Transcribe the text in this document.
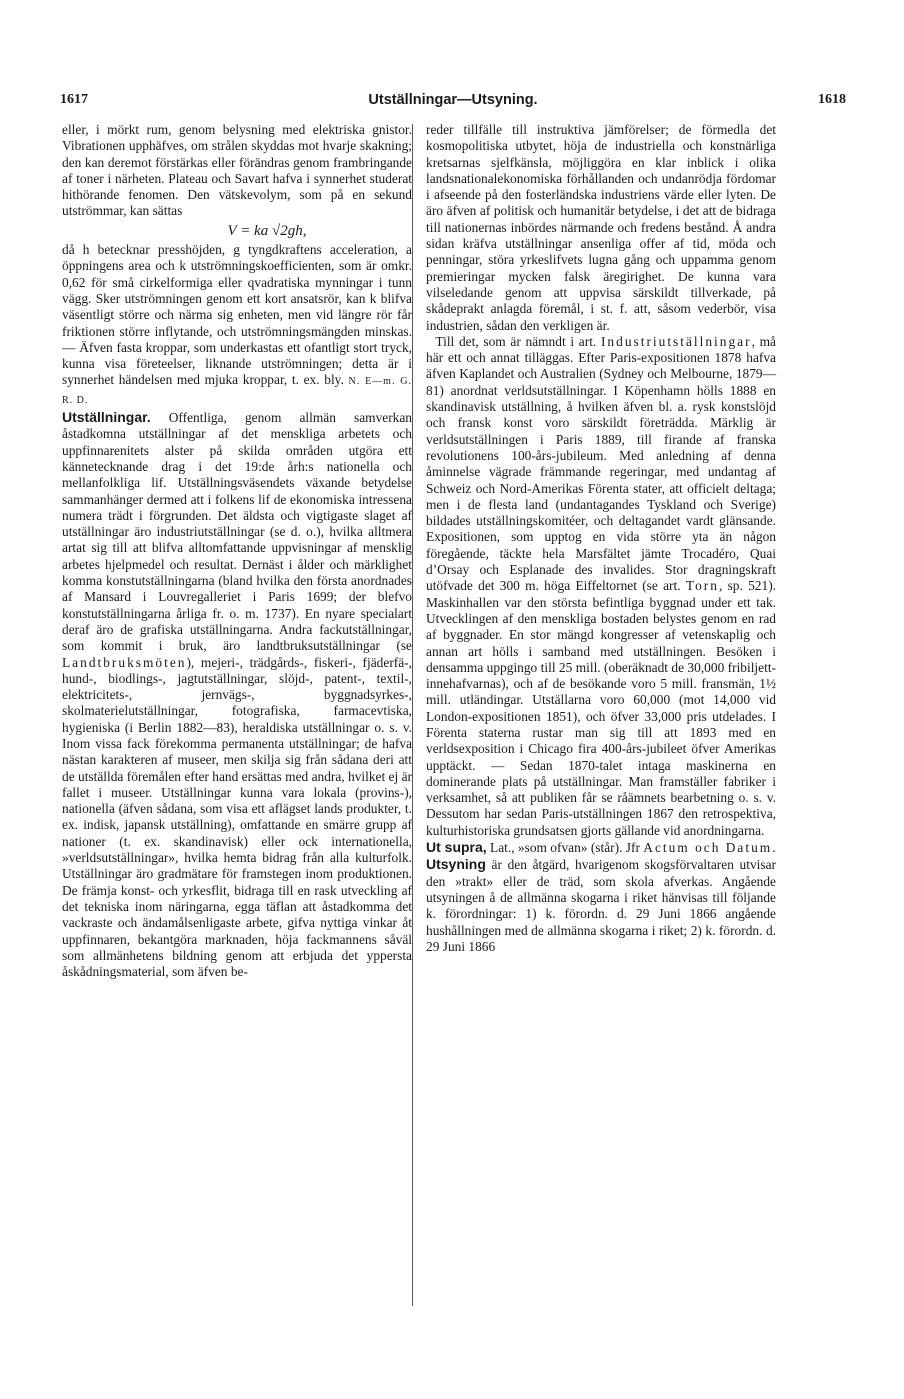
1617	Utställningar—Utsyning.	1618

eller, i mörkt rum, genom belysning med elektriska gnistor. Vibrationen upphäfves, om strålen skyddas mot hvarje skakning; den kan deremot förstärkas eller förändras genom frambringande af toner i närheten. Plateau och Savart hafva i synnerhet studerat hithörande fenomen. Den vätskevolym, som på en sekund utströmmar, kan sättas

V = ka √2gh,

då h betecknar presshöjden, g tyngdkraftens acceleration, a öppningens area och k utströmningskoefficienten, som är omkr. 0,62 för små cirkelformiga eller qvadratiska mynningar i tunn vägg. Sker utströmningen genom ett kort ansatsrör, kan k blifva väsentligt större och närma sig enheten, men vid längre rör får friktionen större inflytande, och utströmningsmängden minskas. — Äfven fasta kroppar, som underkastas ett ofantligt stort tryck, kunna visa företeelser, liknande utströmningen; detta är i synnerhet händelsen med mjuka kroppar, t. ex. bly. N. E—m. G. R. D.

Utställningar. Offentliga, genom allmän samverkan åstadkomna utställningar af det menskliga arbetets och uppfinnarenitets alster på skilda områden utgöra ett kännetecknande drag i det 19:de årh:s nationella och mellanfolkliga lif. Utställningsväsendets växande betydelse sammanhänger dermed att i folkens lif de ekonomiska intressena numera trädt i förgrunden. Det äldsta och vigtigaste slaget af utställningar äro industriutställningar (se d. o.), hvilka alltmera artat sig till att blifva alltomfattande uppvisningar af mensklig arbetes hjelpmedel och resultat. Dernäst i ålder och märklighet komma konstutställningarna (bland hvilka den första anordnades af Mansard i Louvregalleriet i Paris 1699; der blefvo konstutställningarna årliga fr. o. m. 1737). En nyare specialart deraf äro de grafiska utställningarna. Andra fackutställningar, som kommit i bruk, äro landtbruksutställningar (se Landtbruksmöten), mejeri-, trädgårds-, fiskeri-, fjäderfä-, hund-, biodlings-, jagtutställningar, slöjd-, patent-, textil-, elektricitets-, jernvägs-, byggnadsyrkes-, skolmaterielutställningar, fotografiska, farmacevtiska, hygieniska (i Berlin 1882—83), heraldiska utställningar o. s. v. Inom vissa fack förekomma permanenta utställningar; de hafva nästan karakteren af museer, men skilja sig från sådana deri att de utställda föremålen efter hand ersättas med andra, hvilket ej är fallet i museer. Utställningar kunna vara lokala (provins-), nationella (äfven sådana, som visa ett aflägset lands produkter, t. ex. indisk, japansk utställning), omfattande en smärre grupp af nationer (t. ex. skandinavisk) eller ock internationella, »verldsutställningar», hvilka hemta bidrag från alla kulturfolk. Utställningar äro gradmätare för framstegen inom produktionen. De främja konst- och yrkesflit, bidraga till en rask utveckling af det tekniska inom näringarna, egga täflan att åstadkomma det vackraste och ändamålsenligaste arbete, gifva nyttiga vinkar åt uppfinnaren, bekantgöra marknaden, höja fackmannens såväl som allmänhetens bildning genom att erbjuda det yppersta åskådningsmaterial, som äfven be-

reder tillfälle till instruktiva jämförelser; de förmedla det kosmopolitiska utbytet, höja de industriella och konstnärliga kretsarnas sjelfkänsla, möjliggöra en klar inblick i olika landsnationalekonomiska förhållanden och undanrödja fördomar i afseende på den fosterländska industriens värde eller lyten. De äro äfven af politisk och humanitär betydelse, i det att de bidraga till nationernas inbördes närmande och fredens bestånd. Å andra sidan kräfva utställningar ansenliga offer af tid, möda och penningar, störa yrkeslifvets lugna gång och uppamma genom premieringar mycken falsk äregirighet. De kunna vara vilseledande genom att uppvisa särskildt tillverkade, på skådeprakt anlagda föremål, i st. f. att, såsom vederbör, visa industrien, sådan den verkligen är.

Till det, som är nämndt i art. Industriutställningar, må här ett och annat tilläggas. Efter Paris-expositionen 1878 hafva äfven Kaplandet och Australien (Sydney och Melbourne, 1879—81) anordnat verldsutställningar. I Köpenhamn hölls 1888 en skandinavisk utställning, å hvilken äfven bl. a. rysk konstslöjd och fransk konst voro särskildt företrädda. Märklig är verldsutställningen i Paris 1889, till firande af franska revolutionens 100-års-jubileum. Med anledning af denna åminnelse vägrade främmande regeringar, med undantag af Schweiz och Nord-Amerikas Förenta stater, att officielt deltaga; men i de flesta land (undantagandes Tyskland och Sverige) bildades utställningskomitéer, och deltagandet vardt glänsande. Expositionen, som upptog en vida större yta än någon föregående, täckte hela Marsfältet jämte Trocadéro, Quai d’Orsay och Esplanade des invalides. Stor dragningskraft utöfvade det 300 m. höga Eiffeltornet (se art. Torn, sp. 521). Maskinhallen var den största befintliga byggnad under ett tak. Utvecklingen af den menskliga bostaden belystes genom en rad af byggnader. En stor mängd kongresser af vetenskaplig och annan art hölls i samband med utställningen. Besöken i densamma uppgingo till 25 mill. (oberäknadt de 30,000 fribiljett-innehafvarnas), och af de besökande voro 5 mill. fransmän, 1½ mill. utländingar. Utställarna voro 60,000 (mot 14,000 vid London-expositionen 1851), och öfver 33,000 pris utdelades. I Förenta staterna rustar man sig till att 1893 med en verldsexposition i Chicago fira 400-års-jubileet öfver Amerikas upptäckt. — Sedan 1870-talet intaga maskinerna en dominerande plats på utställningar. Man framställer fabriker i verksamhet, så att publiken får se råämnets bearbetning o. s. v. Dessutom har sedan Paris-utställningen 1867 den retrospektiva, kulturhistoriska grundsatsen gjorts gällande vid anordningarna.

Ut supra, Lat., »som ofvan» (står). Jfr Actum och Datum.

Utsyning är den åtgärd, hvarigenom skogsförvaltaren utvisar den »trakt» eller de träd, som skola afverkas. Angående utsyningen å de allmänna skogarna i riket hänvisas till följande k. förordningar: 1) k. förordn. d. 29 Juni 1866 angående hushållningen med de allmänna skogarna i riket; 2) k. förordn. d. 29 Juni 1866
